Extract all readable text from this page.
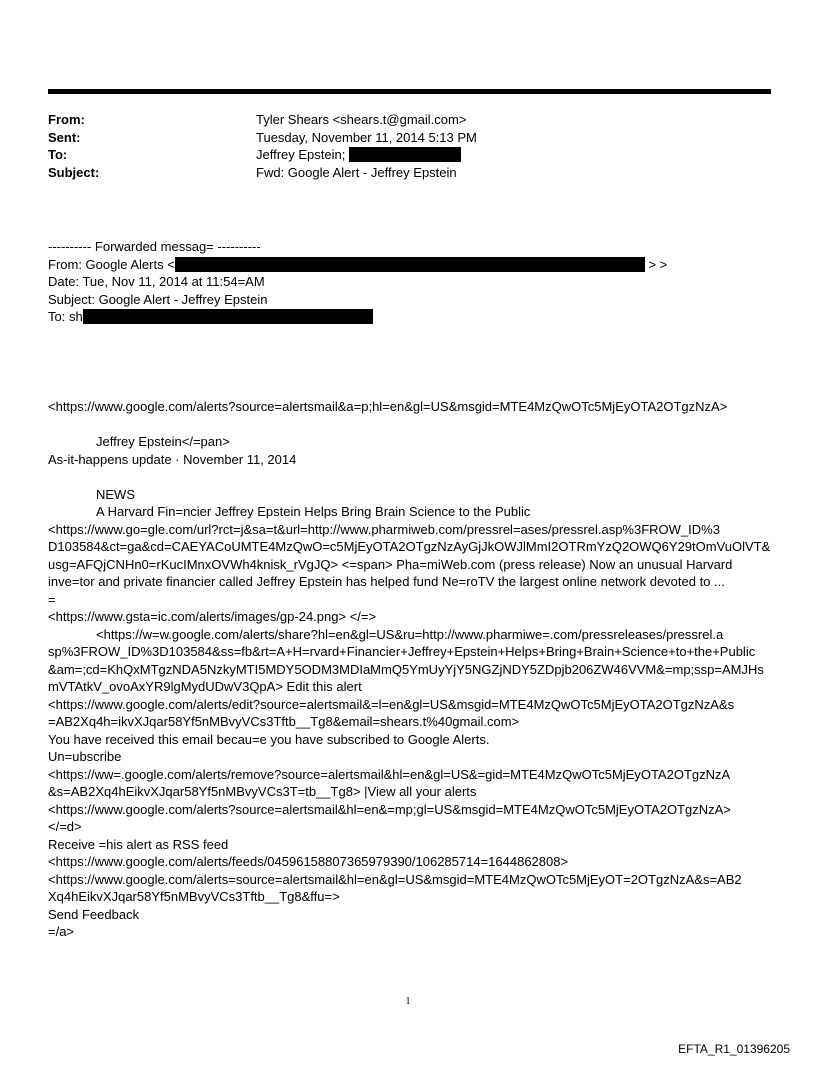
From:	Tyler Shears <shears.t@gmail.com>
Sent:	Tuesday, November 11, 2014 5:13 PM
To:	Jeffrey Epstein;
Subject:	Fwd: Google Alert - Jeffrey Epstein
---------- Forwarded messag= ----------
From: Google Alerts <	> >
Date: Tue, Nov 11, 2014 at 11:54=AM
Subject: Google Alert - Jeffrey Epstein
To: sh
<https://www.google.com/alerts?source=alertsmail&a=p;hl=en&gl=US&msgid=MTE4MzQwOTc5MjEyOTA2OTgzNzA>
Jeffrey Epstein</=pan>
As-it-happens update · November 11, 2014
NEWS
A Harvard Fin=ncier Jeffrey Epstein Helps Bring Brain Science to the Public
<https://www.go=gle.com/url?rct=j&sa=t&url=http://www.pharmiweb.com/pressrel=ases/pressrel.asp%3FROW_ID%3
D103584&ct=ga&cd=CAEYACoUMTE4MzQwO=c5MjEyOTA2OTgzNzAyGjJkOWJlMmI2OTRmYzQ2OWQ6Y29tOmVuOlVT&
usg=AFQjCNHn0=rKucIMnxOVWh4knisk_rVgJQ> <=span> Pha=miWeb.com (press release) Now an unusual Harvard
inve=tor and private financier called Jeffrey Epstein has helped fund Ne=roTV the largest online network devoted to ...
=
<https://www.gsta=ic.com/alerts/images/gp-24.png> </=>
<https://w=w.google.com/alerts/share?hl=en&gl=US&ru=http://www.pharmiwe=.com/pressreleases/pressrel.a
sp%3FROW_ID%3D103584&ss=fb&rt=A+H=rvard+Financier+Jeffrey+Epstein+Helps+Bring+Brain+Science+to+the+Public
&am=;cd=KhQxMTgzNDA5NzkyMTI5MDY5ODM3MDIaMmQ5YmUyYjY5NGZjNDY5ZDpjb206ZW46VVM&=mp;ssp=AMJHs
mVTAtkV_ovoAxYR9lgMydUDwV3QpA> Edit this alert
<https://www.google.com/alerts/edit?source=alertsmail&=l=en&gl=US&msgid=MTE4MzQwOTc5MjEyOTA2OTgzNzA&s
=AB2Xq4h=ikvXJqar58Yf5nMBvyVCs3Tftb__Tg8&email=shears.t%40gmail.com>
You have received this email becau=e you have subscribed to Google Alerts.
Un=ubscribe
<https://ww=.google.com/alerts/remove?source=alertsmail&hl=en&gl=US&=gid=MTE4MzQwOTc5MjEyOTA2OTgzNzA
&s=AB2Xq4hEikvXJqar58Yf5nMBvyVCs3T=tb__Tg8> |View all your alerts
<https://www.google.com/alerts?source=alertsmail&hl=en&=mp;gl=US&msgid=MTE4MzQwOTc5MjEyOTA2OTgzNzA>
</=d>
Receive =his alert as RSS feed
<https://www.google.com/alerts/feeds/04596158807365979390/106285714=1644862808>
<https://www.google.com/alerts=source=alertsmail&hl=en&gl=US&msgid=MTE4MzQwOTc5MjEyOT=2OTgzNzA&s=AB2
Xq4hEikvXJqar58Yf5nMBvyVCs3Tftb__Tg8&ffu=>
Send Feedback
=/a>
1
EFTA_R1_01396205
